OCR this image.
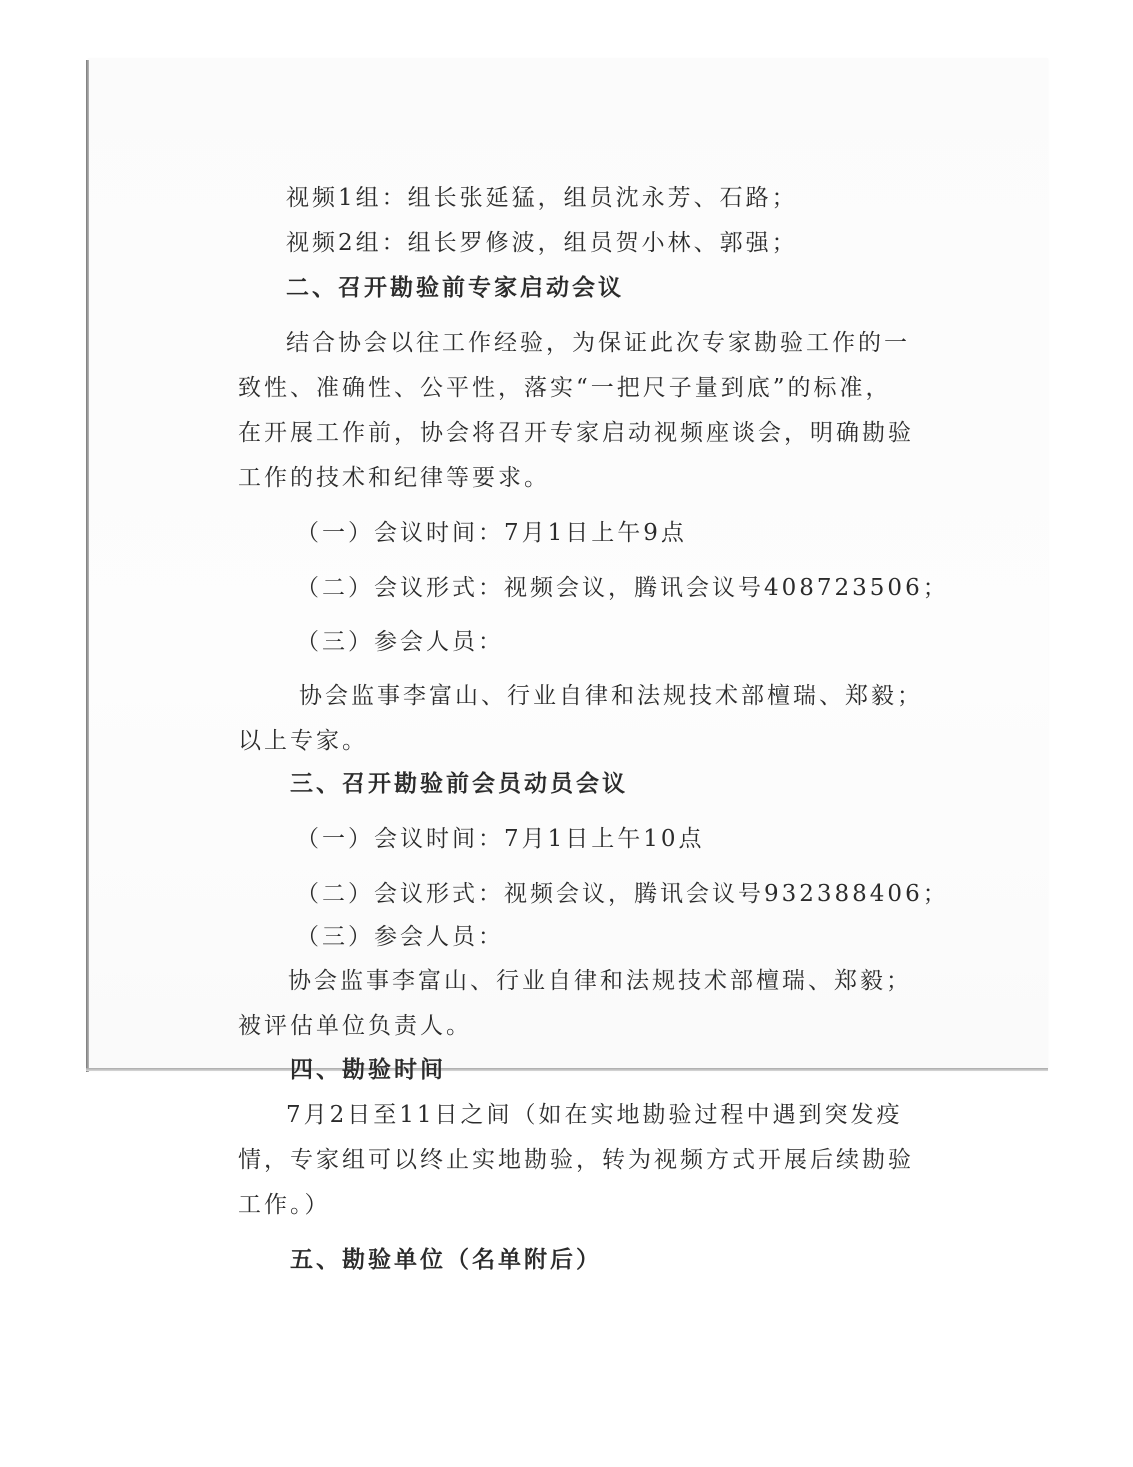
视频1组：组长张延猛，组员沈永芳、石路；
视频2组：组长罗修波，组员贺小林、郭强；
二、召开勘验前专家启动会议
结合协会以往工作经验，为保证此次专家勘验工作的一
致性、准确性、公平性，落实“一把尺子量到底”的标准，
在开展工作前，协会将召开专家启动视频座谈会，明确勘验
工作的技术和纪律等要求。
（一）会议时间：7月1日上午9点
（二）会议形式：视频会议，腾讯会议号408723506；
（三）参会人员：
协会监事李富山、行业自律和法规技术部檀瑞、郑毅；
以上专家。
三、召开勘验前会员动员会议
（一）会议时间：7月1日上午10点
（二）会议形式：视频会议，腾讯会议号932388406；
（三）参会人员：
协会监事李富山、行业自律和法规技术部檀瑞、郑毅；
被评估单位负责人。
四、勘验时间
7月2日至11日之间（如在实地勘验过程中遇到突发疫
情，专家组可以终止实地勘验，转为视频方式开展后续勘验
工作。）
五、勘验单位（名单附后）
